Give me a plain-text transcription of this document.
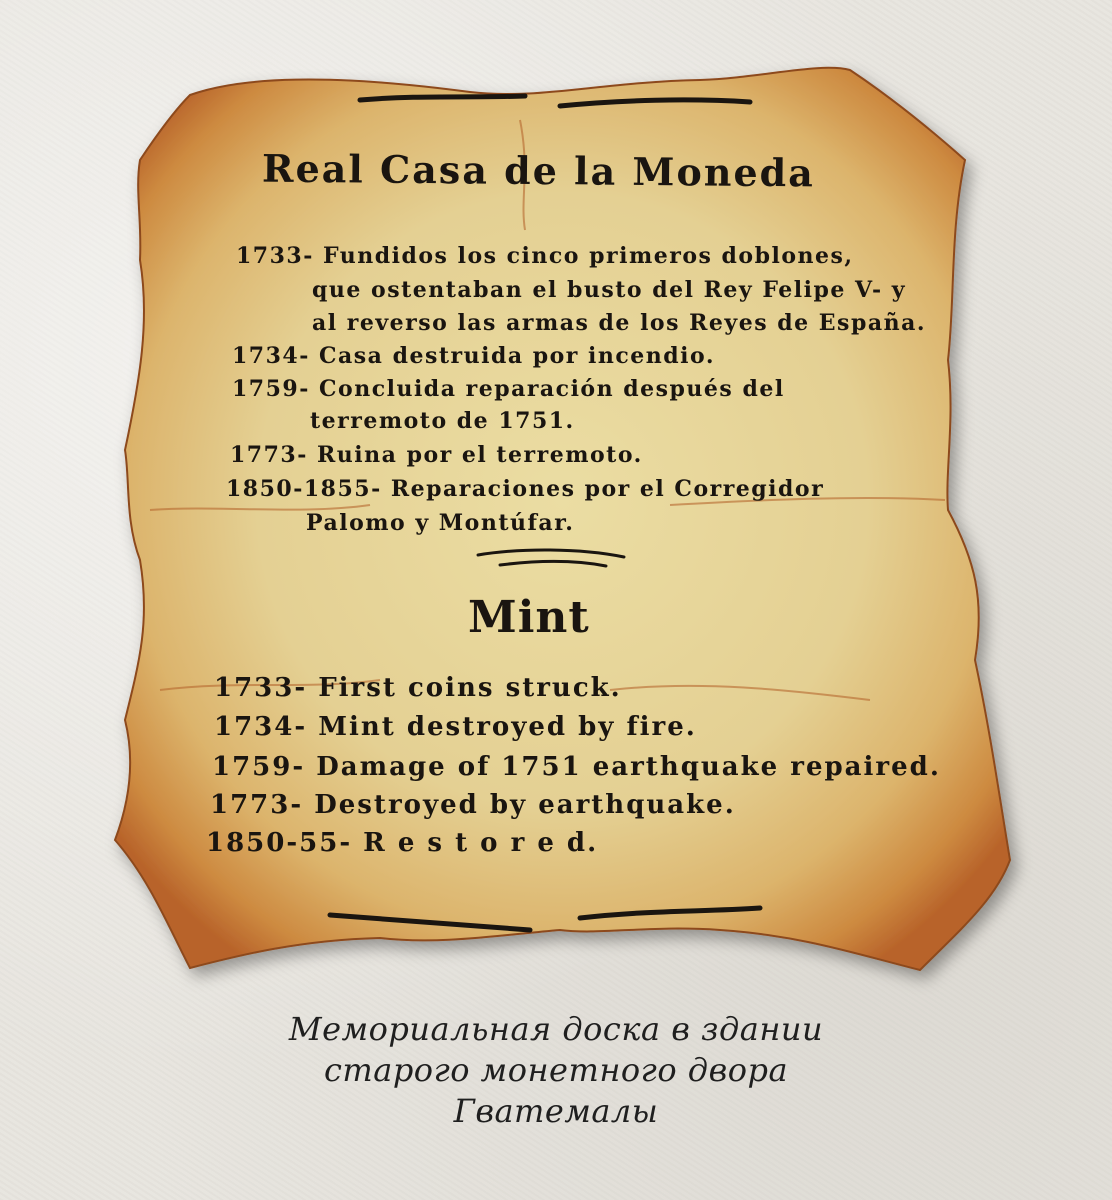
Real Casa de la Moneda

1733- Fundidos los cinco primeros doblones,

que ostentaban el busto del Rey Felipe V- y

al reverso las armas de los Reyes de España.

1734- Casa destruida por incendio.

1759- Concluida reparación después del

terremoto de 1751.

1773- Ruina por el terremoto.

1850-1855- Reparaciones por el Corregidor

Palomo y Montúfar.

Mint

1733- First coins struck.

1734- Mint destroyed by fire.

1759- Damage of 1751 earthquake repaired.

1773- Destroyed by earthquake.

1850-55- R e s t o r e d.

Мемориальная доска в здании

старого монетного двора

Гватемалы
